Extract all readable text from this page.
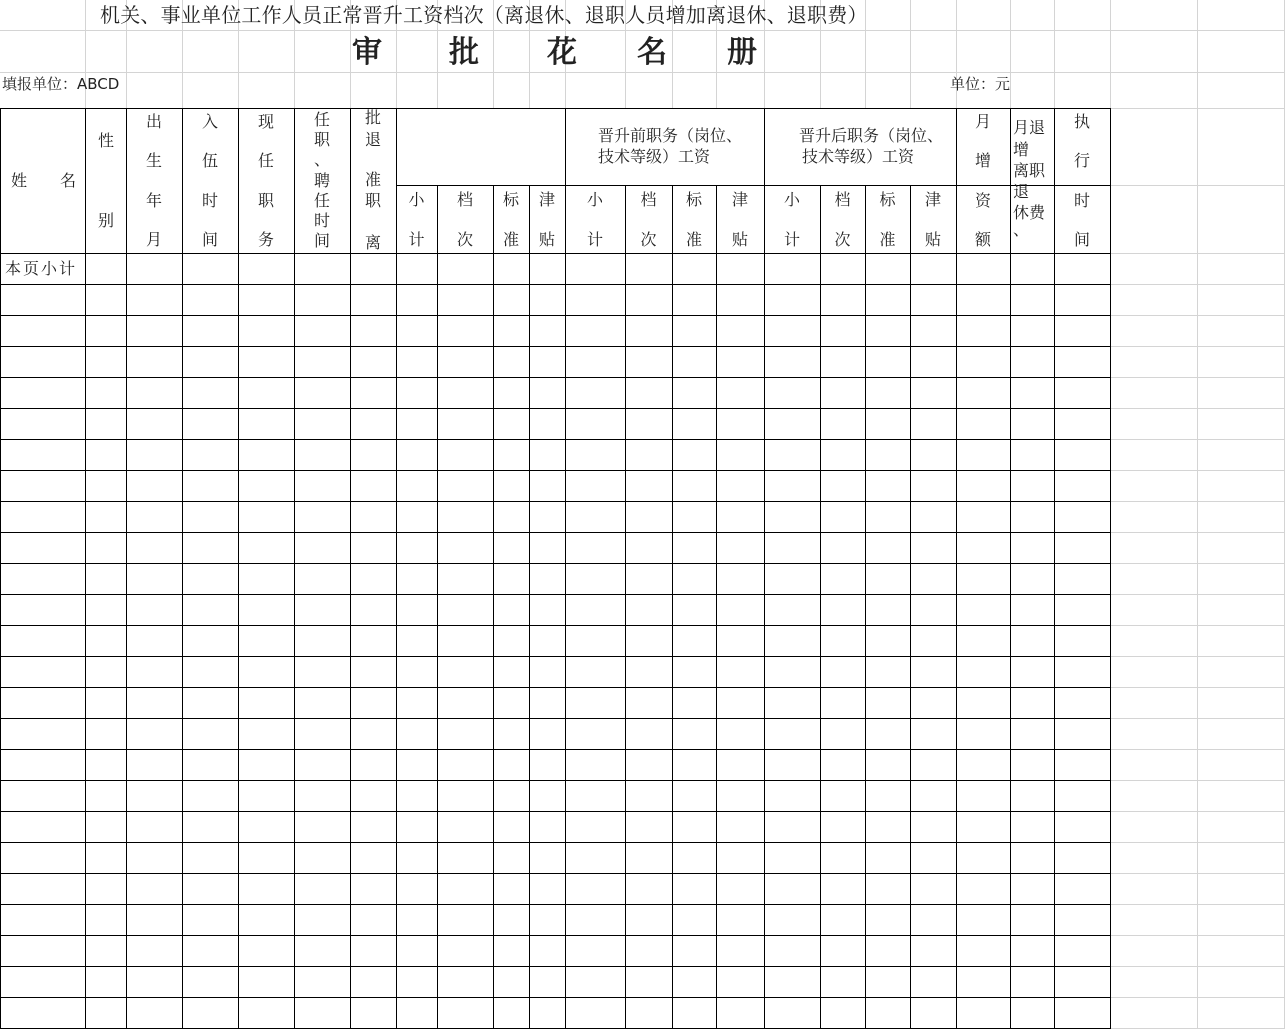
机关、事业单位工作人员正常晋升工资档次（离退休、退职人员增加离退休、退职费）
审 批 花 名 册
填报单位：ABCD	单位：元
姓 名
性
别
出
生
年
月
入
伍
时
间
现
任
职
务
任
职
、
聘
任
时
间
批
退
准
职
离
晋升前职务（岗位、
技术等级）工资
晋升后职务（岗位、
技术等级）工资
小
计
档
次
标
准
津
贴
小
计
档
次
标
准
津
贴
小
计
档
次
标
准
津
贴
月
增
资
额
月退
增
离职
退
休费
、
执
行
时
间
本页小计
